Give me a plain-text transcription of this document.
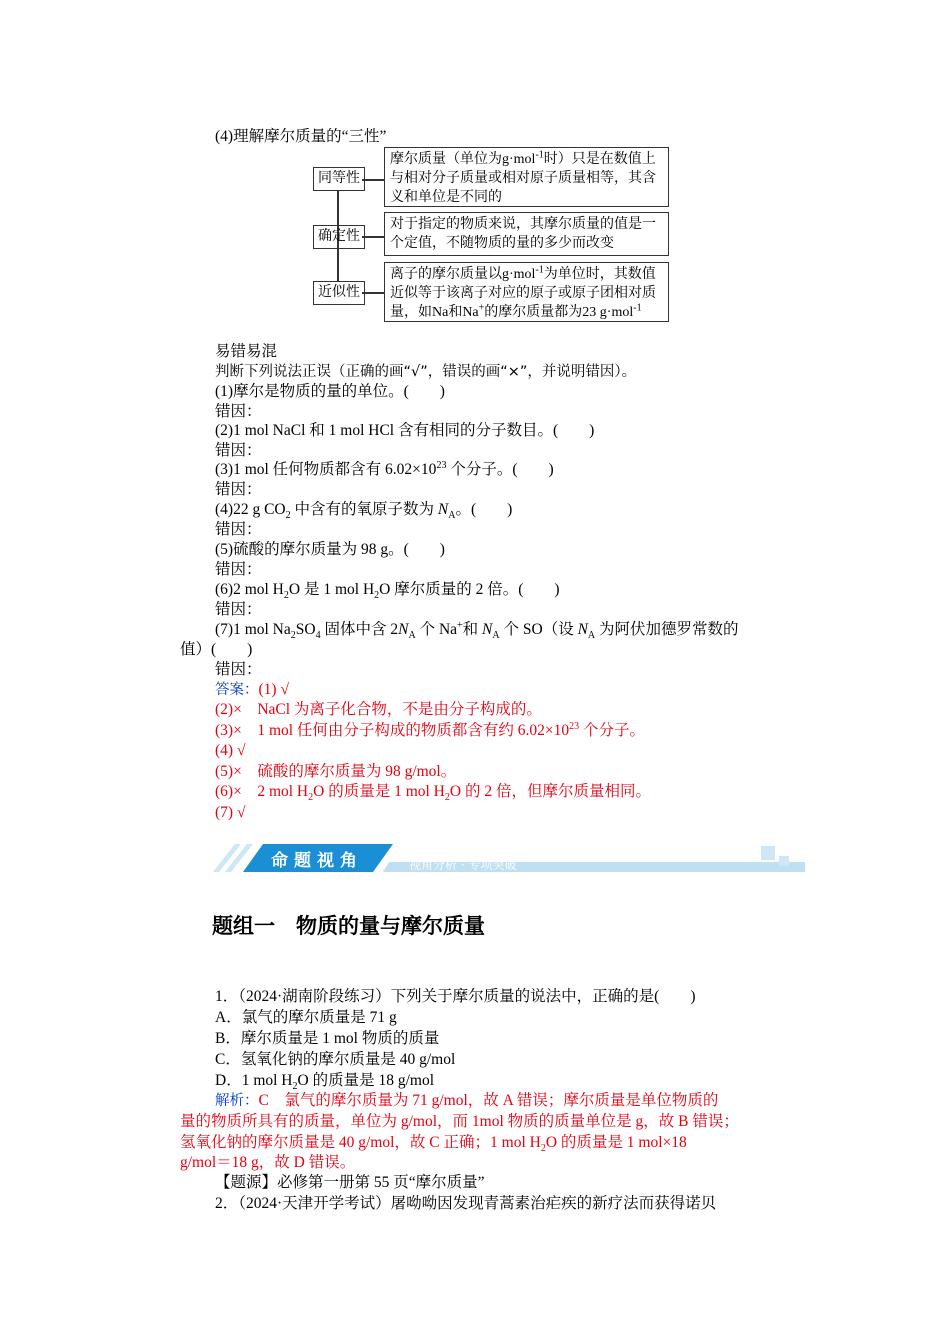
(4)理解摩尔质量的“三性”
同等性
确定性
近似性
摩尔质量（单位为g·mol$^{-1}$时）只是在数值上
与相对分子质量或相对原子质量相等，其含
义和单位是不同的
对于指定的物质来说，其摩尔质量的值是一
个定值，不随物质的量的多少而改变
离子的摩尔质量以g·mol$^{-1}$为单位时，其数值
近似等于该离子对应的原子或原子团相对质
量，如Na和Na+的摩尔质量都为23 g·mol$^{-1}$
易错易混
判断下列说法正误（正确的画“√”，错误的画“×”，并说明错因）。
(1)摩尔是物质的量的单位。(　　)
错因：
(2)1 mol NaCl 和 1 mol HCl 含有相同的分子数目。(　　)
错因：
(3)1 mol 任何物质都含有 $6.02\times 10^{23}$ 个分子。(　　)
错因：
(4)22 g $CO_2$ 中含有的氧原子数为 $N_A$。(　　)
错因：
(5)硫酸的摩尔质量为 98 g。(　　)
错因：
(6)2 mol $H_2O$ 是 1 mol $H_2O$ 摩尔质量的 2 倍。(　　)
错因：
(7)1 mol $Na_2SO_4$ 固体中含 $2N_A$ 个 Na+和 $N_A$ 个 SO（设 $N_A$ 为阿伏加德罗常数的
值）(　　)
错因：
答案：(1) √
(2)×　NaCl 为离子化合物，不是由分子构成的。
(3)×　1 mol 任何由分子构成的物质都含有约 $6.02\times 10^{23}$ 个分子。
(4) √
(5)×　硫酸的摩尔质量为 98 g/mol。
(6)×　2 mol $H_2O$ 的质量是 1 mol $H_2O$ 的 2 倍，但摩尔质量相同。
(7) √
命题视角	视角分析 · 专项突破
题组一　物质的量与摩尔质量
1．（2024·湖南阶段练习）下列关于摩尔质量的说法中，正确的是(　　)
A．氯气的摩尔质量是 71 g
B．摩尔质量是 1 mol 物质的质量
C．氢氧化钠的摩尔质量是 40 g/mol
D．1 mol $H_2O$ 的质量是 18 g/mol
解析：C　氯气的摩尔质量为 71 g/mol，故 A 错误；摩尔质量是单位物质的
量的物质所具有的质量，单位为 g/mol，而 1mol 物质的质量单位是 g，故 B 错误；
氢氧化钠的摩尔质量是 40 g/mol，故 C 正确；1 mol $H_2O$ 的质量是 1 mol×18
g/mol＝18 g，故 D 错误。
【题源】必修第一册第 55 页“摩尔质量”
2．（2024·天津开学考试）屠呦呦因发现青蒿素治疟疾的新疗法而获得诺贝
